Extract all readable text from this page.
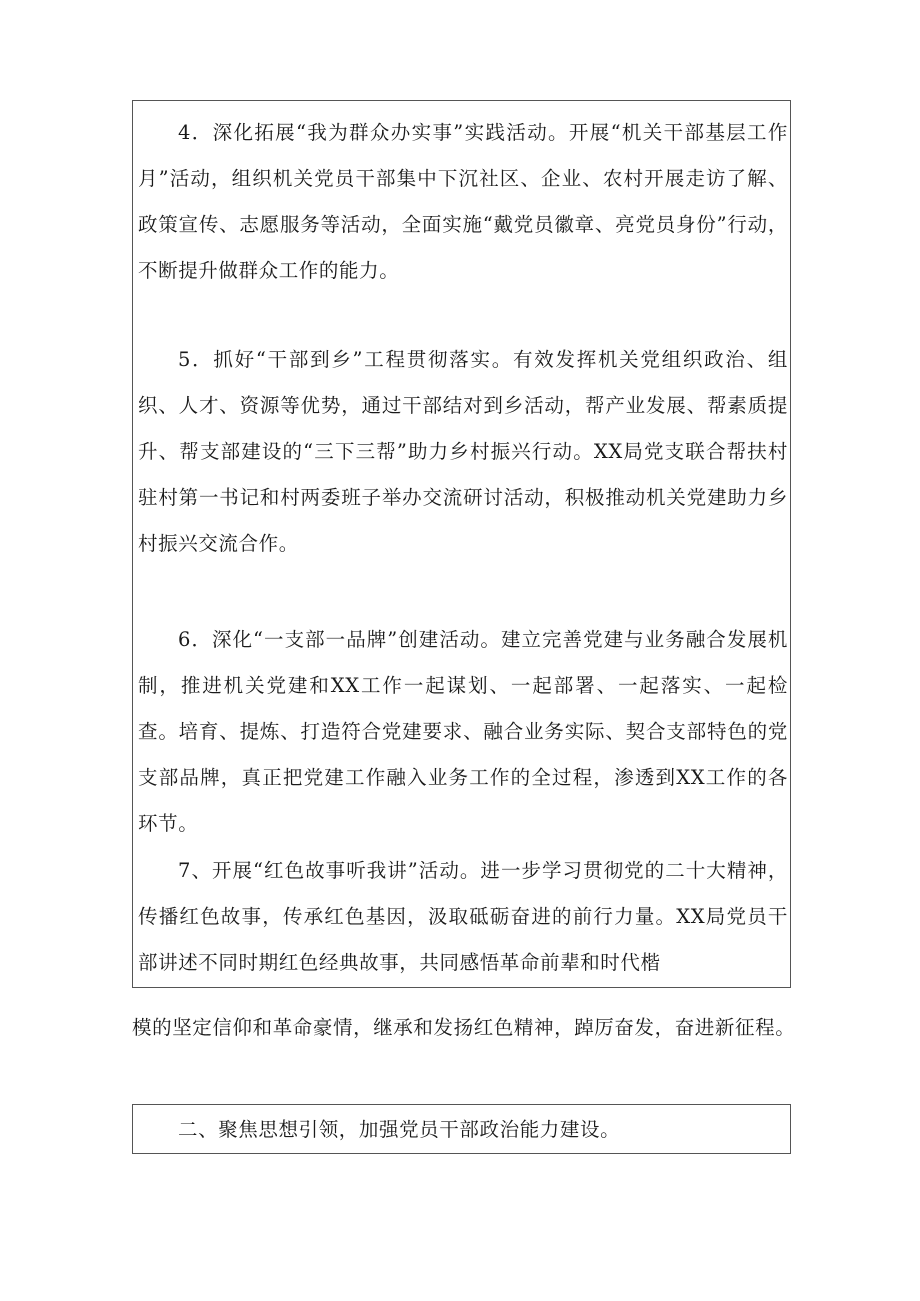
4．深化拓展“我为群众办实事”实践活动。开展“机关干部基层工作月”活动，组织机关党员干部集中下沉社区、企业、农村开展走访了解、政策宣传、志愿服务等活动，全面实施“戴党员徽章、亮党员身份”行动，不断提升做群众工作的能力。

5．抓好“干部到乡”工程贯彻落实。有效发挥机关党组织政治、组织、人才、资源等优势，通过干部结对到乡活动，帮产业发展、帮素质提升、帮支部建设的“三下三帮”助力乡村振兴行动。XX局党支联合帮扶村驻村第一书记和村两委班子举办交流研讨活动，积极推动机关党建助力乡村振兴交流合作。

6．深化“一支部一品牌”创建活动。建立完善党建与业务融合发展机制，推进机关党建和XX工作一起谋划、一起部署、一起落实、一起检查。培育、提炼、打造符合党建要求、融合业务实际、契合支部特色的党支部品牌，真正把党建工作融入业务工作的全过程，渗透到XX工作的各环节。

7、开展“红色故事听我讲”活动。进一步学习贯彻党的二十大精神，传播红色故事，传承红色基因，汲取砥砺奋进的前行力量。XX局党员干部讲述不同时期红色经典故事，共同感悟革命前辈和时代楷

模的坚定信仰和革命豪情，继承和发扬红色精神，踔厉奋发，奋进新征程。

二、聚焦思想引领，加强党员干部政治能力建设。
